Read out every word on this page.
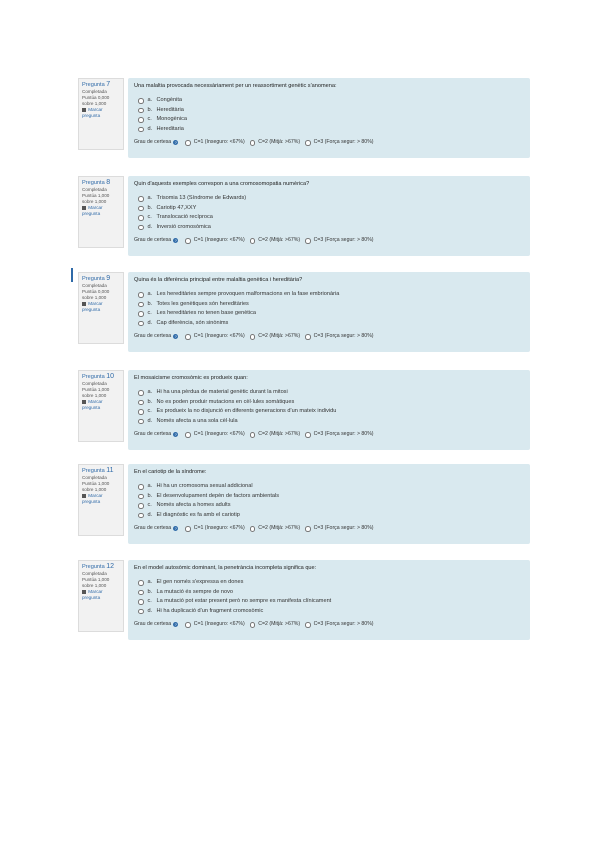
Pregunta 7
Completada
Puntúa 0,000 sobre 1,000
Marcar pregunta

Una malaltia provocada necessàriament per un reassortiment genètic s'anomena:

a. Congènita
b. Hereditària
c. Monogènica
d. Hereditaria
Grau de certesa ?	C=1 (Inseguro: <67%)	C=2 (Mitjà: >67%)	C=3 (Força segur: > 80%)
Pregunta 8
Completada
Puntúa 1,000 sobre 1,000
Marcar pregunta

Quin d'aquests exemples correspon a una cromosomopatia numèrica?

a. Trisomia 13 (Síndrome de Edwards)
b. Cariotip 47,XXY
c. Translocació recíproca
d. Inversió cromosòmica
Grau de certesa ?	C=1 (Inseguro: <67%)	C=2 (Mitjà: >67%)	C=3 (Força segur: > 80%)
Pregunta 9
Completada
Puntúa 0,000 sobre 1,000
Marcar pregunta

Quina és la diferència principal entre malaltia genètica i hereditària?

a. Les hereditàries sempre provoquen malformacions en la fase embrionària
b. Totes les genètiques són hereditàries
c. Les hereditàries no tenen base genètica
d. Cap diferència, són sinònims
Grau de certesa ?	C=1 (Inseguro: <67%)	C=2 (Mitjà: >67%)	C=3 (Força segur: > 80%)
Pregunta 10
Completada
Puntúa 1,000 sobre 1,000
Marcar pregunta

El mosaicisme cromosòmic es produeix quan:

a. Hi ha una pèrdua de material genètic durant la mitosi
b. No es poden produir mutacions en cèl·lules somàtiques
c. Es produeix la no disjunció en diferents generacions d'un mateix individu
d. Només afecta a una sola cèl·lula
Grau de certesa ?	C=1 (Inseguro: <67%)	C=2 (Mitjà: >67%)	C=3 (Força segur: > 80%)
Pregunta 11
Completada
Puntúa 1,000 sobre 1,000
Marcar pregunta

En el cariotip de la síndrome:

a. Hi ha un cromosoma sexual addicional
b. El desenvolupament depèn de factors ambientals
c. Només afecta a homes adults
d. El diagnòstic es fa amb el cariotip
Grau de certesa ?	C=1 (Inseguro: <67%)	C=2 (Mitjà: >67%)	C=3 (Força segur: > 80%)
Pregunta 12
Completada
Puntúa 1,000 sobre 1,000
Marcar pregunta

En el model autosòmic dominant, la penetrància incompleta significa que:

a. El gen només s'expressa en dones
b. La mutació és sempre de novo
c. La mutació pot estar present però no sempre es manifesta clínicament
d. Hi ha duplicació d'un fragment cromosòmic
Grau de certesa ?	C=1 (Inseguro: <67%)	C=2 (Mitjà: >67%)	C=3 (Força segur: > 80%)
